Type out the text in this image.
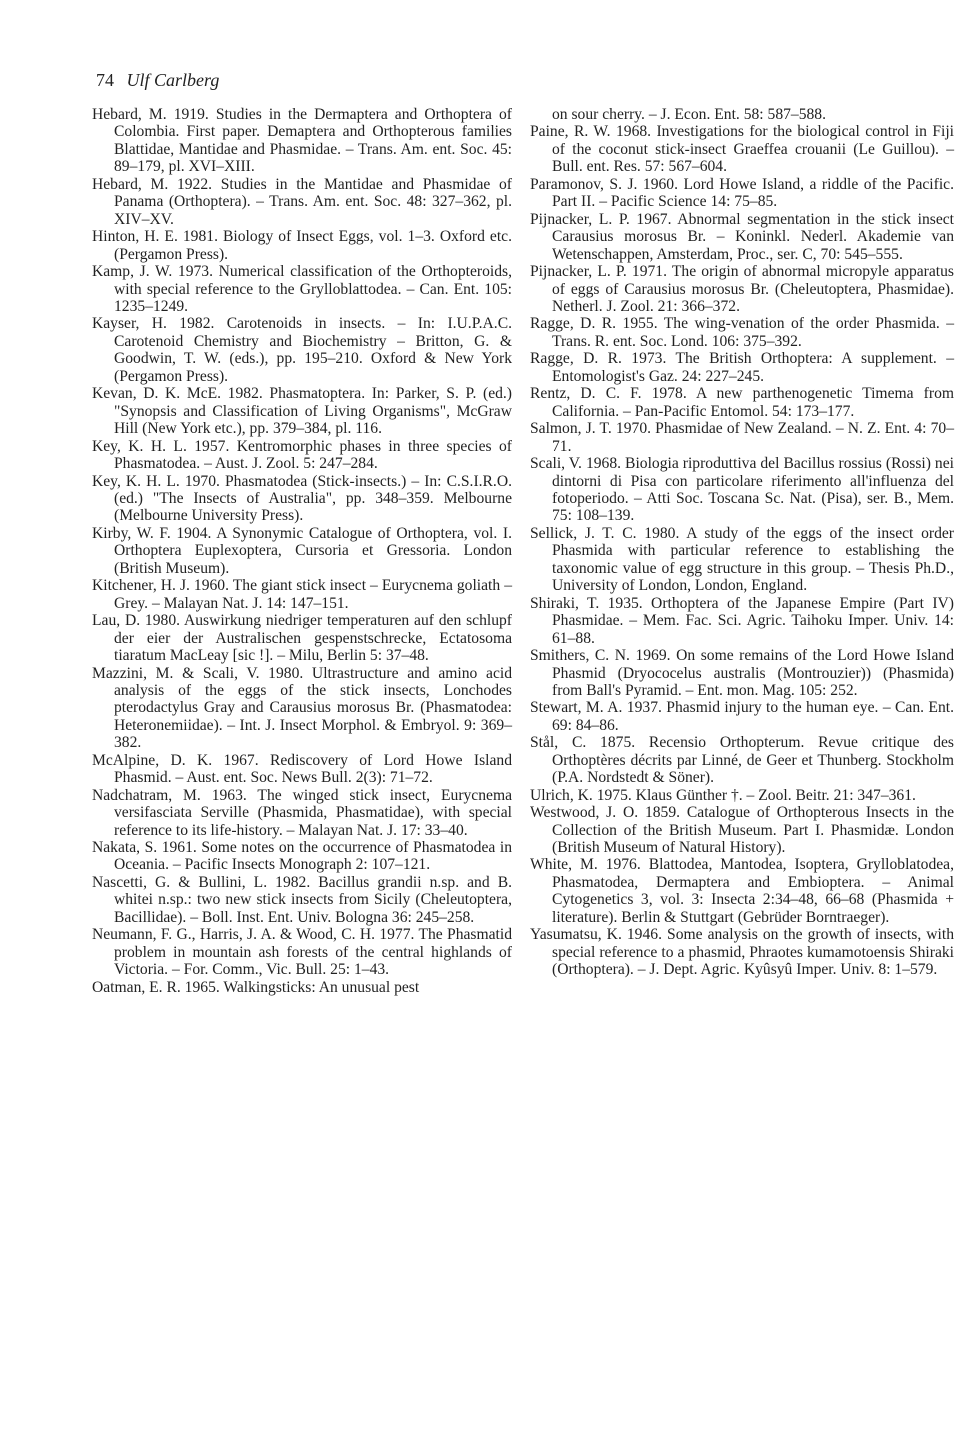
74 Ulf Carlberg

Hebard, M. 1919. Studies in the Dermaptera and Orthoptera of Colombia. First paper. Demaptera and Orthopterous families Blattidae, Mantidae and Phasmidae. – Trans. Am. ent. Soc. 45: 89–179, pl. XVI–XIII.

Hebard, M. 1922. Studies in the Mantidae and Phasmidae of Panama (Orthoptera). – Trans. Am. ent. Soc. 48: 327–362, pl. XIV–XV.

Hinton, H. E. 1981. Biology of Insect Eggs, vol. 1–3. Oxford etc. (Pergamon Press).

Kamp, J. W. 1973. Numerical classification of the Orthopteroids, with special reference to the Grylloblattodea. – Can. Ent. 105: 1235–1249.

Kayser, H. 1982. Carotenoids in insects. – In: I.U.P.A.C. Carotenoid Chemistry and Biochemistry – Britton, G. & Goodwin, T. W. (eds.), pp. 195–210. Oxford & New York (Pergamon Press).

Kevan, D. K. McE. 1982. Phasmatoptera. In: Parker, S. P. (ed.) "Synopsis and Classification of Living Organisms", McGraw Hill (New York etc.), pp. 379–384, pl. 116.

Key, K. H. L. 1957. Kentromorphic phases in three species of Phasmatodea. – Aust. J. Zool. 5: 247–284.

Key, K. H. L. 1970. Phasmatodea (Stick-insects.) – In: C.S.I.R.O. (ed.) "The Insects of Australia", pp. 348–359. Melbourne (Melbourne University Press).

Kirby, W. F. 1904. A Synonymic Catalogue of Orthoptera, vol. I. Orthoptera Euplexoptera, Cursoria et Gressoria. London (British Museum).

Kitchener, H. J. 1960. The giant stick insect – Eurycnema goliath – Grey. – Malayan Nat. J. 14: 147–151.

Lau, D. 1980. Auswirkung niedriger temperaturen auf den schlupf der eier der Australischen gespenstschrecke, Ectatosoma tiaratum MacLeay [sic !]. – Milu, Berlin 5: 37–48.

Mazzini, M. & Scali, V. 1980. Ultrastructure and amino acid analysis of the eggs of the stick insects, Lonchodes pterodactylus Gray and Carausius morosus Br. (Phasmatodea: Heteronemiidae). – Int. J. Insect Morphol. & Embryol. 9: 369–382.

McAlpine, D. K. 1967. Rediscovery of Lord Howe Island Phasmid. – Aust. ent. Soc. News Bull. 2(3): 71–72.

Nadchatram, M. 1963. The winged stick insect, Eurycnema versifasciata Serville (Phasmida, Phasmatidae), with special reference to its life-history. – Malayan Nat. J. 17: 33–40.

Nakata, S. 1961. Some notes on the occurrence of Phasmatodea in Oceania. – Pacific Insects Monograph 2: 107–121.

Nascetti, G. & Bullini, L. 1982. Bacillus grandii n.sp. and B. whitei n.sp.: two new stick insects from Sicily (Cheleutoptera, Bacillidae). – Boll. Inst. Ent. Univ. Bologna 36: 245–258.

Neumann, F. G., Harris, J. A. & Wood, C. H. 1977. The Phasmatid problem in mountain ash forests of the central highlands of Victoria. – For. Comm., Vic. Bull. 25: 1–43.

Oatman, E. R. 1965. Walkingsticks: An unusual pest

on sour cherry. – J. Econ. Ent. 58: 587–588.

Paine, R. W. 1968. Investigations for the biological control in Fiji of the coconut stick-insect Graeffea crouanii (Le Guillou). – Bull. ent. Res. 57: 567–604.

Paramonov, S. J. 1960. Lord Howe Island, a riddle of the Pacific. Part II. – Pacific Science 14: 75–85.

Pijnacker, L. P. 1967. Abnormal segmentation in the stick insect Carausius morosus Br. – Koninkl. Nederl. Akademie van Wetenschappen, Amsterdam, Proc., ser. C, 70: 545–555.

Pijnacker, L. P. 1971. The origin of abnormal micropyle apparatus of eggs of Carausius morosus Br. (Cheleutoptera, Phasmidae). Netherl. J. Zool. 21: 366–372.

Ragge, D. R. 1955. The wing-venation of the order Phasmida. – Trans. R. ent. Soc. Lond. 106: 375–392.

Ragge, D. R. 1973. The British Orthoptera: A supplement. – Entomologist's Gaz. 24: 227–245.

Rentz, D. C. F. 1978. A new parthenogenetic Timema from California. – Pan-Pacific Entomol. 54: 173–177.

Salmon, J. T. 1970. Phasmidae of New Zealand. – N. Z. Ent. 4: 70–71.

Scali, V. 1968. Biologia riproduttiva del Bacillus rossius (Rossi) nei dintorni di Pisa con particolare riferimento all'influenza del fotoperiodo. – Atti Soc. Toscana Sc. Nat. (Pisa), ser. B., Mem. 75: 108–139.

Sellick, J. T. C. 1980. A study of the eggs of the insect order Phasmida with particular reference to establishing the taxonomic value of egg structure in this group. – Thesis Ph.D., University of London, London, England.

Shiraki, T. 1935. Orthoptera of the Japanese Empire (Part IV) Phasmidae. – Mem. Fac. Sci. Agric. Taihoku Imper. Univ. 14: 61–88.

Smithers, C. N. 1969. On some remains of the Lord Howe Island Phasmid (Dryococelus australis (Montrouzier)) (Phasmida) from Ball's Pyramid. – Ent. mon. Mag. 105: 252.

Stewart, M. A. 1937. Phasmid injury to the human eye. – Can. Ent. 69: 84–86.

Stål, C. 1875. Recensio Orthopterum. Revue critique des Orthoptères décrits par Linné, de Geer et Thunberg. Stockholm (P.A. Nordstedt & Söner).

Ulrich, K. 1975. Klaus Günther †. – Zool. Beitr. 21: 347–361.

Westwood, J. O. 1859. Catalogue of Orthopterous Insects in the Collection of the British Museum. Part I. Phasmidæ. London (British Museum of Natural History).

White, M. 1976. Blattodea, Mantodea, Isoptera, Grylloblatodea, Phasmatodea, Dermaptera and Embioptera. – Animal Cytogenetics 3, vol. 3: Insecta 2:34–48, 66–68 (Phasmida + literature). Berlin & Stuttgart (Gebrüder Borntraeger).

Yasumatsu, K. 1946. Some analysis on the growth of insects, with special reference to a phasmid, Phraotes kumamotoensis Shiraki (Orthoptera). – J. Dept. Agric. Kyûsyû Imper. Univ. 8: 1–579.
